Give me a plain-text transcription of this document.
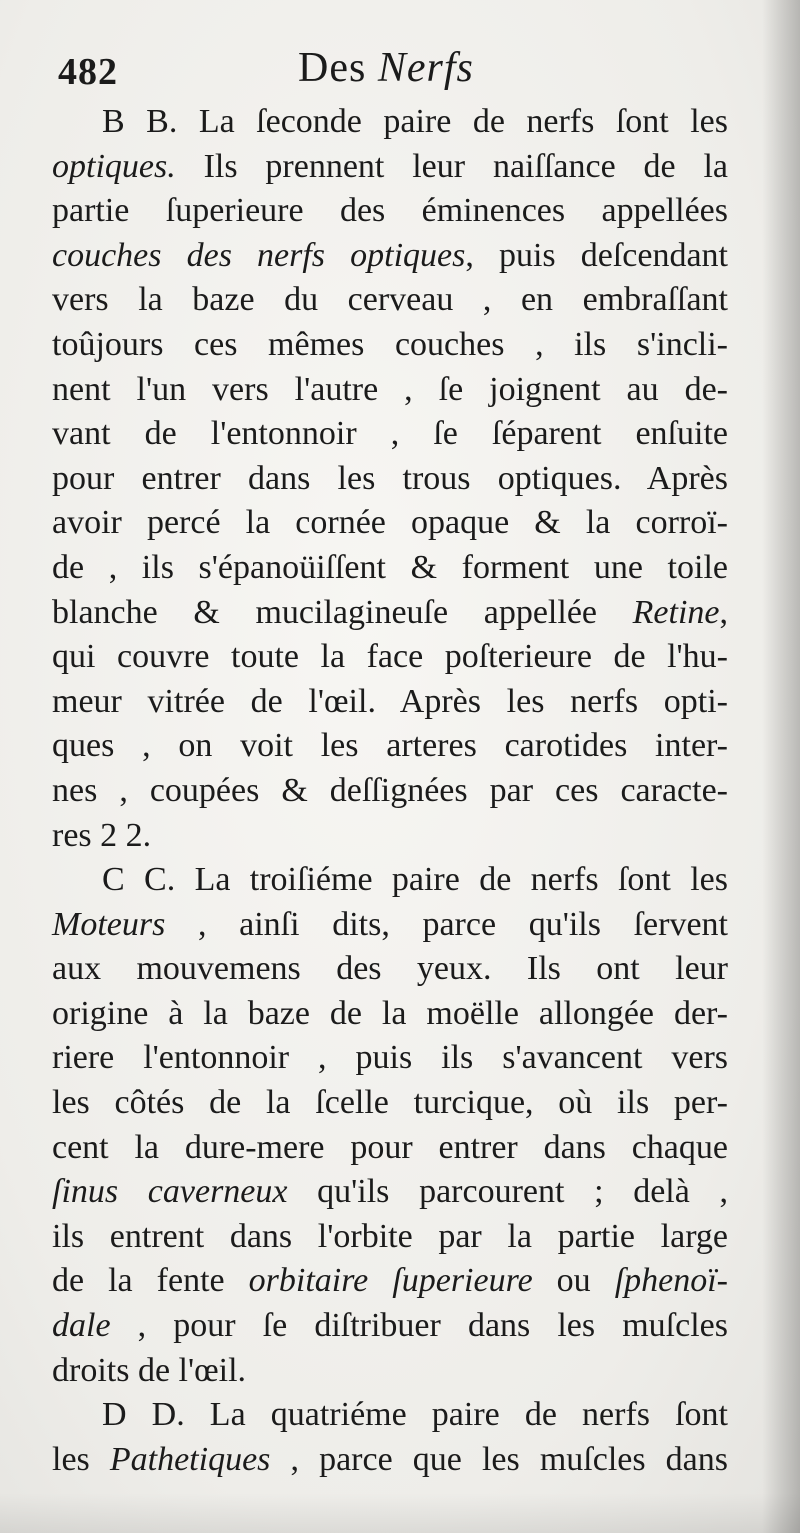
482	Des Nerfs
B B. La ſeconde paire de nerfs ſont les
optiques. Ils prennent leur naiſſance de la
partie ſuperieure des éminences appellées
couches des nerfs optiques, puis deſcendant
vers la baze du cerveau , en embraſſant
toûjours ces mêmes couches , ils s'incli-
nent l'un vers l'autre , ſe joignent au de-
vant de l'entonnoir , ſe ſéparent enſuite
pour entrer dans les trous optiques. Après
avoir percé la cornée opaque & la corroï-
de , ils s'épanoüiſſent & forment une toile
blanche & mucilagineuſe appellée Retine,
qui couvre toute la face poſterieure de l'hu-
meur vitrée de l'œil. Après les nerfs opti-
ques , on voit les arteres carotides inter-
nes , coupées & deſſignées par ces caracte-
res 2 2.
C C. La troiſiéme paire de nerfs ſont les
Moteurs , ainſi dits, parce qu'ils ſervent
aux mouvemens des yeux. Ils ont leur
origine à la baze de la moëlle allongée der-
riere l'entonnoir , puis ils s'avancent vers
les côtés de la ſcelle turcique, où ils per-
cent la dure-mere pour entrer dans chaque
ſinus caverneux qu'ils parcourent ; delà ,
ils entrent dans l'orbite par la partie large
de la fente orbitaire ſuperieure ou ſphenoï-
dale , pour ſe diſtribuer dans les muſcles
droits de l'œil.
D D. La quatriéme paire de nerfs ſont
les Pathetiques , parce que les muſcles dans
